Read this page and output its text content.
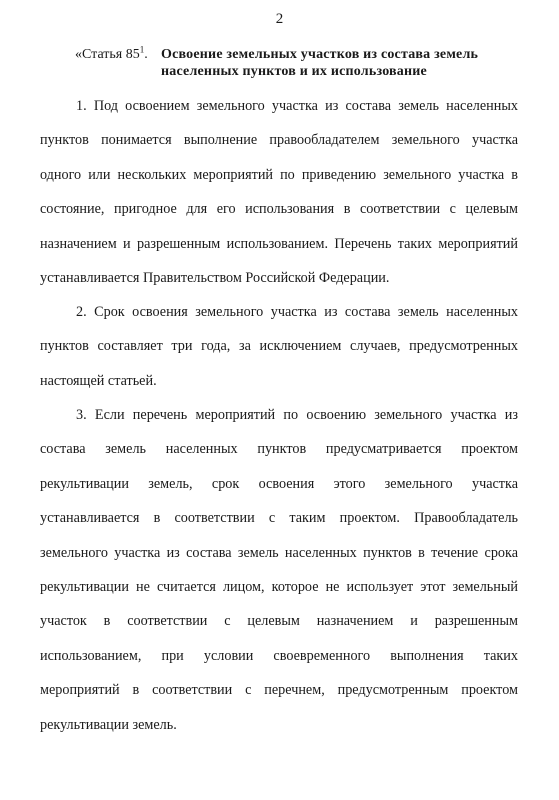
2
«Статья $85^1$. Освоение земельных участков из состава земель населенных пунктов и их использование

1. Под освоением земельного участка из состава земель населенных пунктов понимается выполнение правообладателем земельного участка одного или нескольких мероприятий по приведению земельного участка в состояние, пригодное для его использования в соответствии с целевым назначением и разрешенным использованием. Перечень таких мероприятий устанавливается Правительством Российской Федерации.

2. Срок освоения земельного участка из состава земель населенных пунктов составляет три года, за исключением случаев, предусмотренных настоящей статьей.

3. Если перечень мероприятий по освоению земельного участка из состава земель населенных пунктов предусматривается проектом рекультивации земель, срок освоения этого земельного участка устанавливается в соответствии с таким проектом. Правообладатель земельного участка из состава земель населенных пунктов в течение срока рекультивации не считается лицом, которое не использует этот земельный участок в соответствии с целевым назначением и разрешенным использованием, при условии своевременного выполнения таких мероприятий в соответствии с перечнем, предусмотренным проектом рекультивации земель.
